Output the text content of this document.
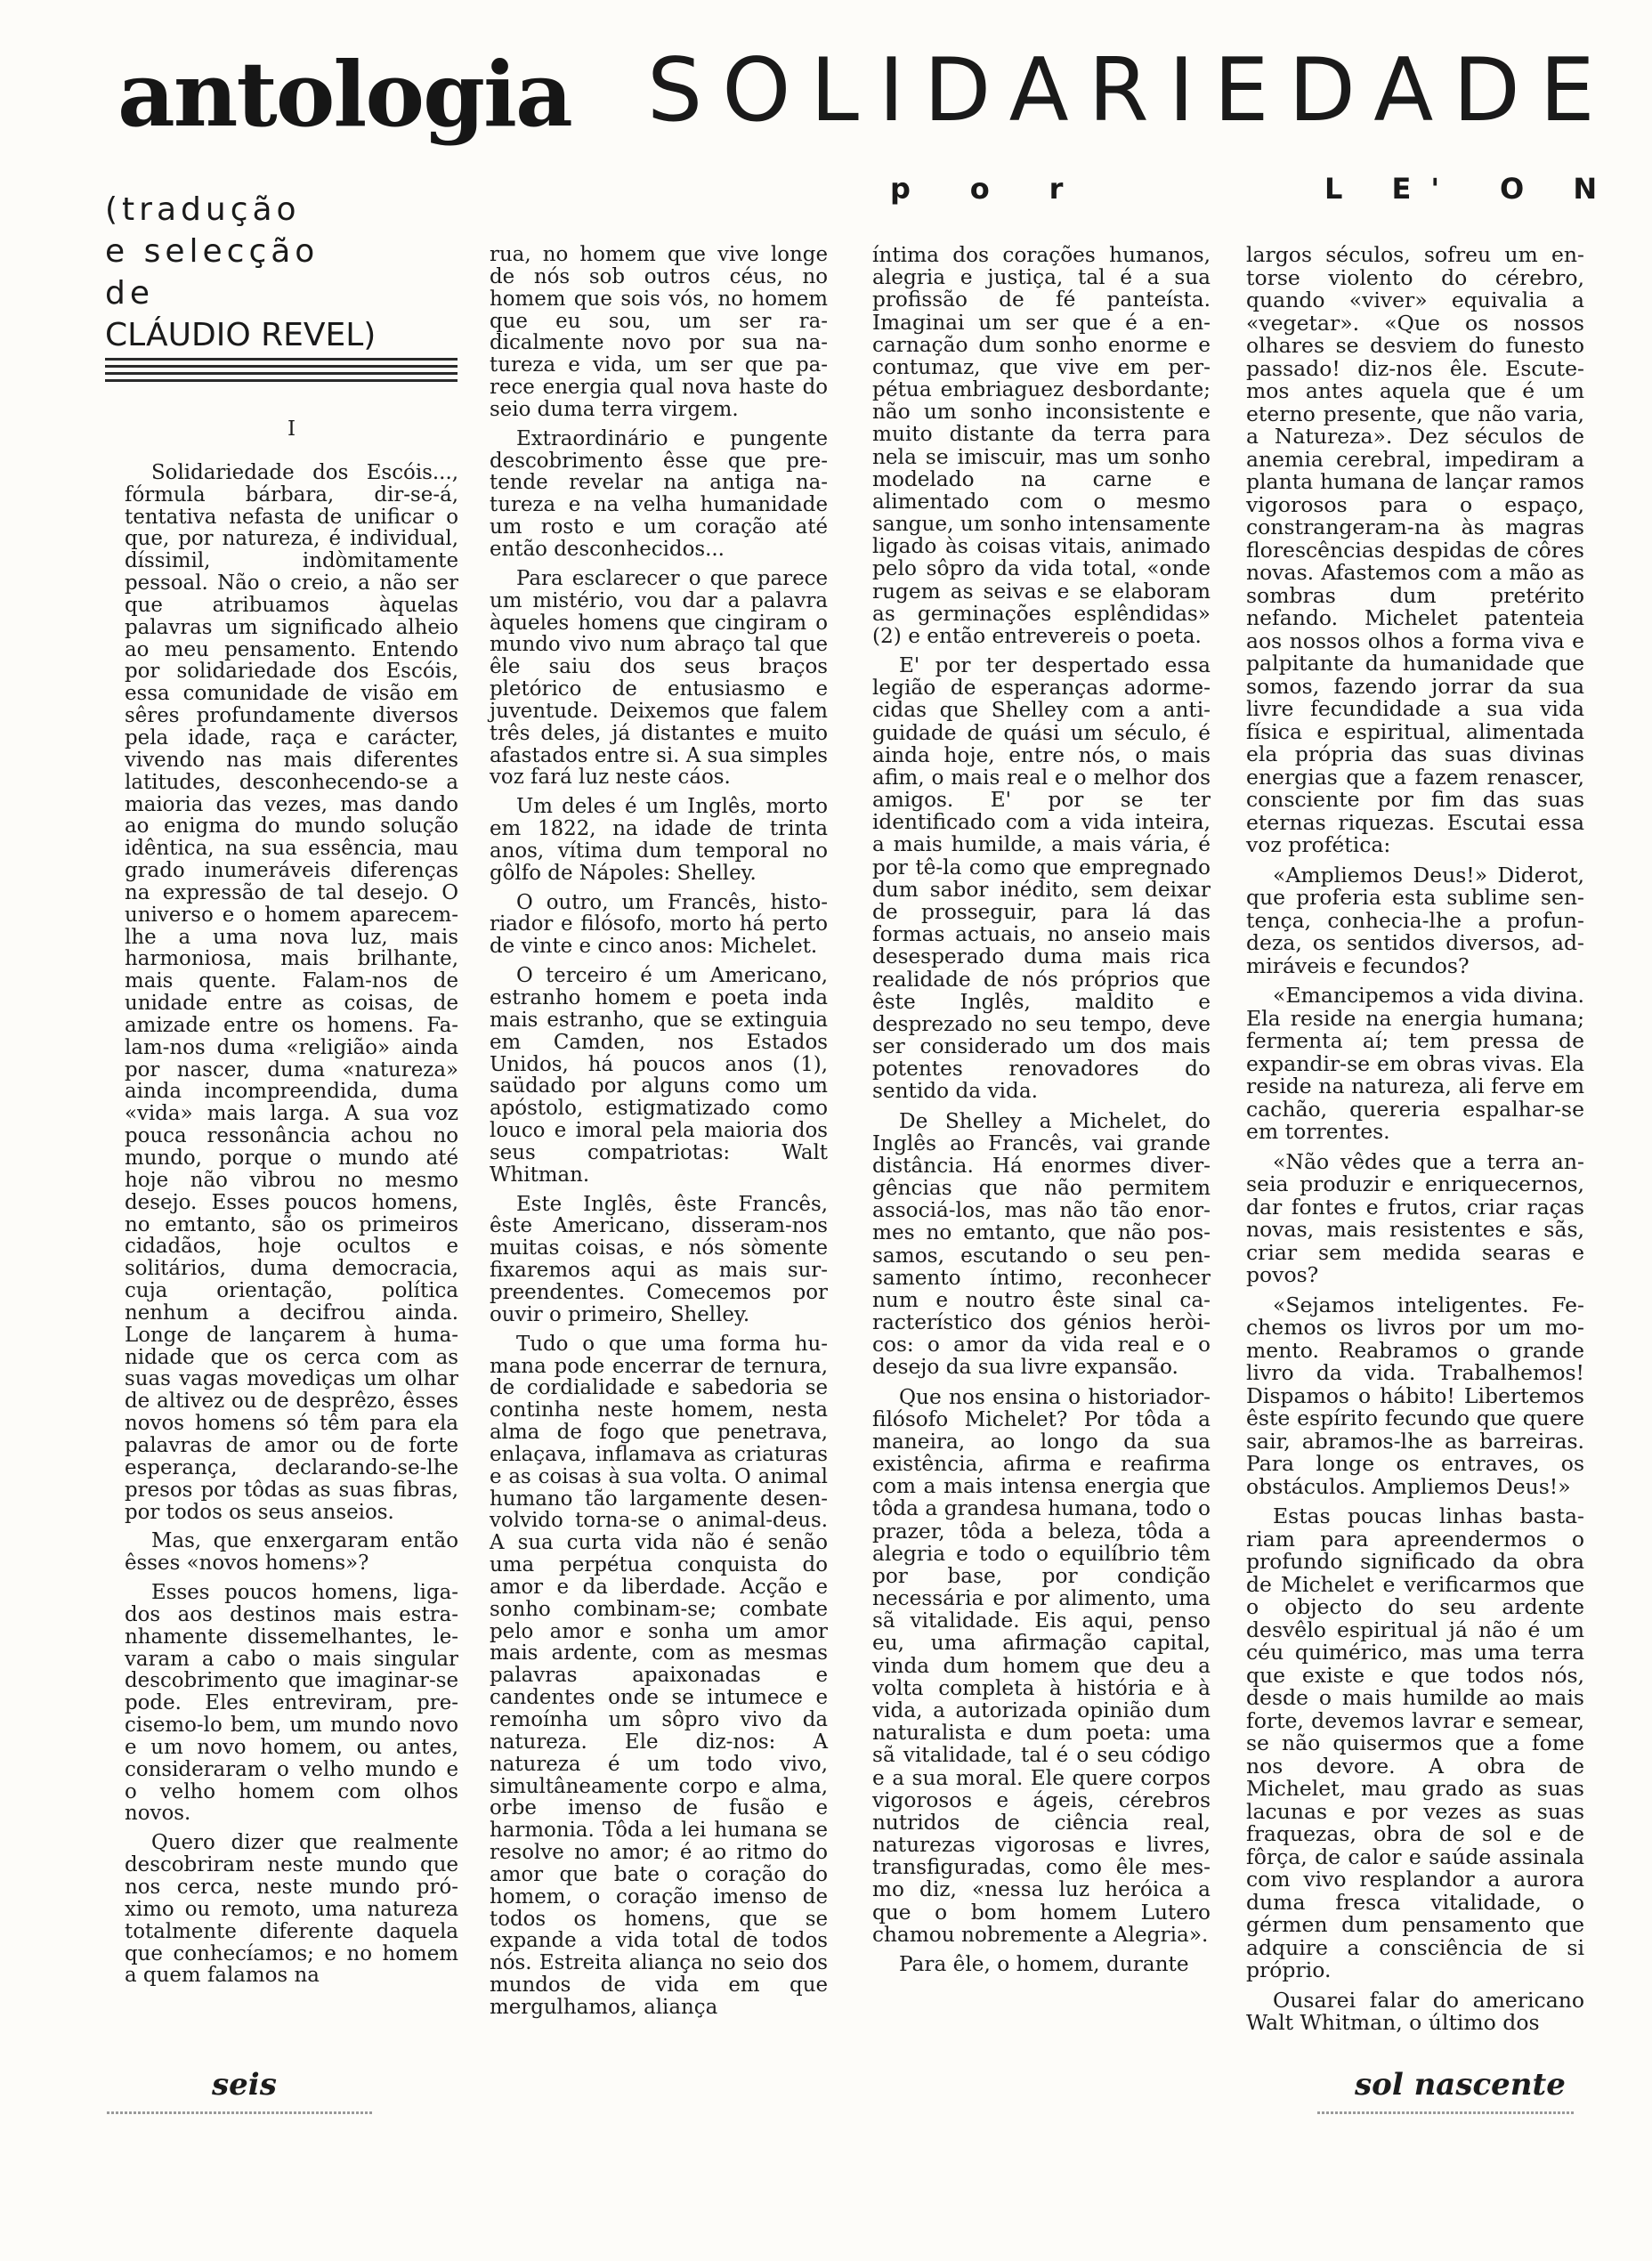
antologia
(tradução
e selecção
de
CLÁUDIO REVEL)
SOLIDARIEDADE
p      o      r	L E' O N

I

Solidariedade dos Escóis..., fórmula bárbara, dir-se-á, tentativa nefasta de unificar o que, por natureza, é individual, díssimil, indòmitamente pessoal. Não o creio, a não ser que atribuamos àquelas palavras um significado alheio ao meu pensamento. Entendo por solidariedade dos Escóis, essa comunidade de visão em sêres profundamente diversos pela idade, raça e carácter, vivendo nas mais diferentes latitudes, desconhecendo-se a maioria das vezes, mas dando ao enigma do mundo solução idêntica, na sua essência, mau grado inumeráveis diferenças na expressão de tal desejo. O universo e o homem aparecem-lhe a uma nova luz, mais harmoniosa, mais brilhante, mais quente. Falam-nos de unidade entre as coisas, de amizade entre os homens. Falam-nos duma «religião» ainda por nascer, duma «natureza» ainda incompreendida, duma «vida» mais larga. A sua voz pouca ressonância achou no mundo, porque o mundo até hoje não vibrou no mesmo desejo. Esses poucos homens, no emtanto, são os primeiros cidadãos, hoje ocultos e solitários, duma democracia, cuja orientação, política nenhum a decifrou ainda. Longe de lançarem à humanidade que os cerca com as suas vagas movediças um olhar de altivez ou de desprêzo, êsses novos homens só têm para ela palavras de amor ou de forte esperança, declarando-se-lhe presos por tôdas as suas fibras, por todos os seus anseios.

Mas, que enxergaram então êsses «novos homens»?

Esses poucos homens, ligados aos destinos mais estranhamente dissemelhantes, levaram a cabo o mais singular descobrimento que imaginar-se pode. Eles entreviram, precisemo-lo bem, um mundo novo e um novo homem, ou antes, consideraram o velho mundo e o velho homem com olhos novos.

Quero dizer que realmente descobriram neste mundo que nos cerca, neste mundo próximo ou remoto, uma natureza totalmente diferente daquela que conhecíamos; e no homem a quem falamos na

rua, no homem que vive longe de nós sob outros céus, no homem que sois vós, no homem que eu sou, um ser radicalmente novo por sua natureza e vida, um ser que parece energia qual nova haste do seio duma terra virgem.

Extraordinário e pungente descobrimento êsse que pretende revelar na antiga natureza e na velha humanidade um rosto e um coração até então desconhecidos...

Para esclarecer o que parece um mistério, vou dar a palavra àqueles homens que cingiram o mundo vivo num abraço tal que êle saiu dos seus braços pletórico de entusiasmo e juventude. Deixemos que falem três deles, já distantes e muito afastados entre si. A sua simples voz fará luz neste cáos.

Um deles é um Inglês, morto em 1822, na idade de trinta anos, vítima dum temporal no gôlfo de Nápoles: Shelley.

O outro, um Francês, historiador e filósofo, morto há perto de vinte e cinco anos: Michelet.

O terceiro é um Americano, estranho homem e poeta inda mais estranho, que se extinguia em Camden, nos Estados Unidos, há poucos anos (1), saüdado por alguns como um apóstolo, estigmatizado como louco e imoral pela maioria dos seus compatriotas: Walt Whitman.

Este Inglês, êste Francês, êste Americano, disseram-nos muitas coisas, e nós sòmente fixaremos aqui as mais surpreendentes. Comecemos por ouvir o primeiro, Shelley.

Tudo o que uma forma humana pode encerrar de ternura, de cordialidade e sabedoria se continha neste homem, nesta alma de fogo que penetrava, enlaçava, inflamava as criaturas e as coisas à sua volta. O animal humano tão largamente desenvolvido torna-se o animal-deus. A sua curta vida não é senão uma perpétua conquista do amor e da liberdade. Acção e sonho combinam-se; combate pelo amor e sonha um amor mais ardente, com as mesmas palavras apaixonadas e candentes onde se intumece e remoínha um sôpro vivo da natureza. Ele diz-nos: A natureza é um todo vivo, simultâneamente corpo e alma, orbe imenso de fusão e harmonia. Tôda a lei humana se resolve no amor; é ao ritmo do amor que bate o coração do homem, o coração imenso de todos os homens, que se expande a vida total de todos nós. Estreita aliança no seio dos mundos de vida em que mergulhamos, aliança

íntima dos corações humanos, alegria e justiça, tal é a sua profissão de fé panteísta. Imaginai um ser que é a encarnação dum sonho enorme e contumaz, que vive em perpétua embriaguez desbordante; não um sonho inconsistente e muito distante da terra para nela se imiscuir, mas um sonho modelado na carne e alimentado com o mesmo sangue, um sonho intensamente ligado às coisas vitais, animado pelo sôpro da vida total, «onde rugem as seivas e se elaboram as germinações esplêndidas» (2) e então entrevereis o poeta.

E' por ter despertado essa legião de esperanças adormecidas que Shelley com a antiguidade de quási um século, é ainda hoje, entre nós, o mais afim, o mais real e o melhor dos amigos. E' por se ter identificado com a vida inteira, a mais humilde, a mais vária, é por tê-la como que empregnado dum sabor inédito, sem deixar de prosseguir, para lá das formas actuais, no anseio mais desesperado duma mais rica realidade de nós próprios que êste Inglês, maldito e desprezado no seu tempo, deve ser considerado um dos mais potentes renovadores do sentido da vida.

De Shelley a Michelet, do Inglês ao Francês, vai grande distância. Há enormes divergências que não permitem associá-los, mas não tão enormes no emtanto, que não possamos, escutando o seu pensamento íntimo, reconhecer num e noutro êste sinal característico dos génios heròicos: o amor da vida real e o desejo da sua livre expansão.

Que nos ensina o historiador-filósofo Michelet? Por tôda a maneira, ao longo da sua existência, afirma e reafirma com a mais intensa energia que tôda a grandesa humana, todo o prazer, tôda a beleza, tôda a alegria e todo o equilíbrio têm por base, por condição necessária e por alimento, uma sã vitalidade. Eis aqui, penso eu, uma afirmação capital, vinda dum homem que deu a volta completa à história e à vida, a autorizada opinião dum naturalista e dum poeta: uma sã vitalidade, tal é o seu código e a sua moral. Ele quere corpos vigorosos e ágeis, cérebros nutridos de ciência real, naturezas vigorosas e livres, transfiguradas, como êle mesmo diz, «nessa luz heróica a que o bom homem Lutero chamou nobremente a Alegria».

Para êle, o homem, durante

largos séculos, sofreu um entorse violento do cérebro, quando «viver» equivalia a «vegetar». «Que os nossos olhares se desviem do funesto passado! diz-nos êle. Escutemos antes aquela que é um eterno presente, que não varia, a Natureza». Dez séculos de anemia cerebral, impediram a planta humana de lançar ramos vigorosos para o espaço, constrangeram-na às magras florescências despidas de côres novas. Afastemos com a mão as sombras dum pretérito nefando. Michelet patenteia aos nossos olhos a forma viva e palpitante da humanidade que somos, fazendo jorrar da sua livre fecundidade a sua vida física e espiritual, alimentada ela própria das suas divinas energias que a fazem renascer, consciente por fim das suas eternas riquezas. Escutai essa voz profética:

«Ampliemos Deus!» Diderot, que proferia esta sublime sentença, conhecia-lhe a profundeza, os sentidos diversos, admiráveis e fecundos?

«Emancipemos a vida divina. Ela reside na energia humana; fermenta aí; tem pressa de expandir-se em obras vivas. Ela reside na natureza, ali ferve em cachão, quereria espalhar-se em torrentes.

«Não vêdes que a terra anseia produzir e enriquecernos, dar fontes e frutos, criar raças novas, mais resistentes e sãs, criar sem medida searas e povos?

«Sejamos inteligentes. Fechemos os livros por um momento. Reabramos o grande livro da vida. Trabalhemos! Dispamos o hábito! Libertemos êste espírito fecundo que quere sair, abramos-lhe as barreiras. Para longe os entraves, os obstáculos. Ampliemos Deus!»

Estas poucas linhas bastariam para apreendermos o profundo significado da obra de Michelet e verificarmos que o objecto do seu ardente desvêlo espiritual já não é um céu quimérico, mas uma terra que existe e que todos nós, desde o mais humilde ao mais forte, devemos lavrar e semear, se não quisermos que a fome nos devore. A obra de Michelet, mau grado as suas lacunas e por vezes as suas fraquezas, obra de sol e de fôrça, de calor e saúde assinala com vivo resplandor a aurora duma fresca vitalidade, o gérmen dum pensamento que adquire a consciência de si próprio.

Ousarei falar do americano Walt Whitman, o último dos

seis	sol nascente
